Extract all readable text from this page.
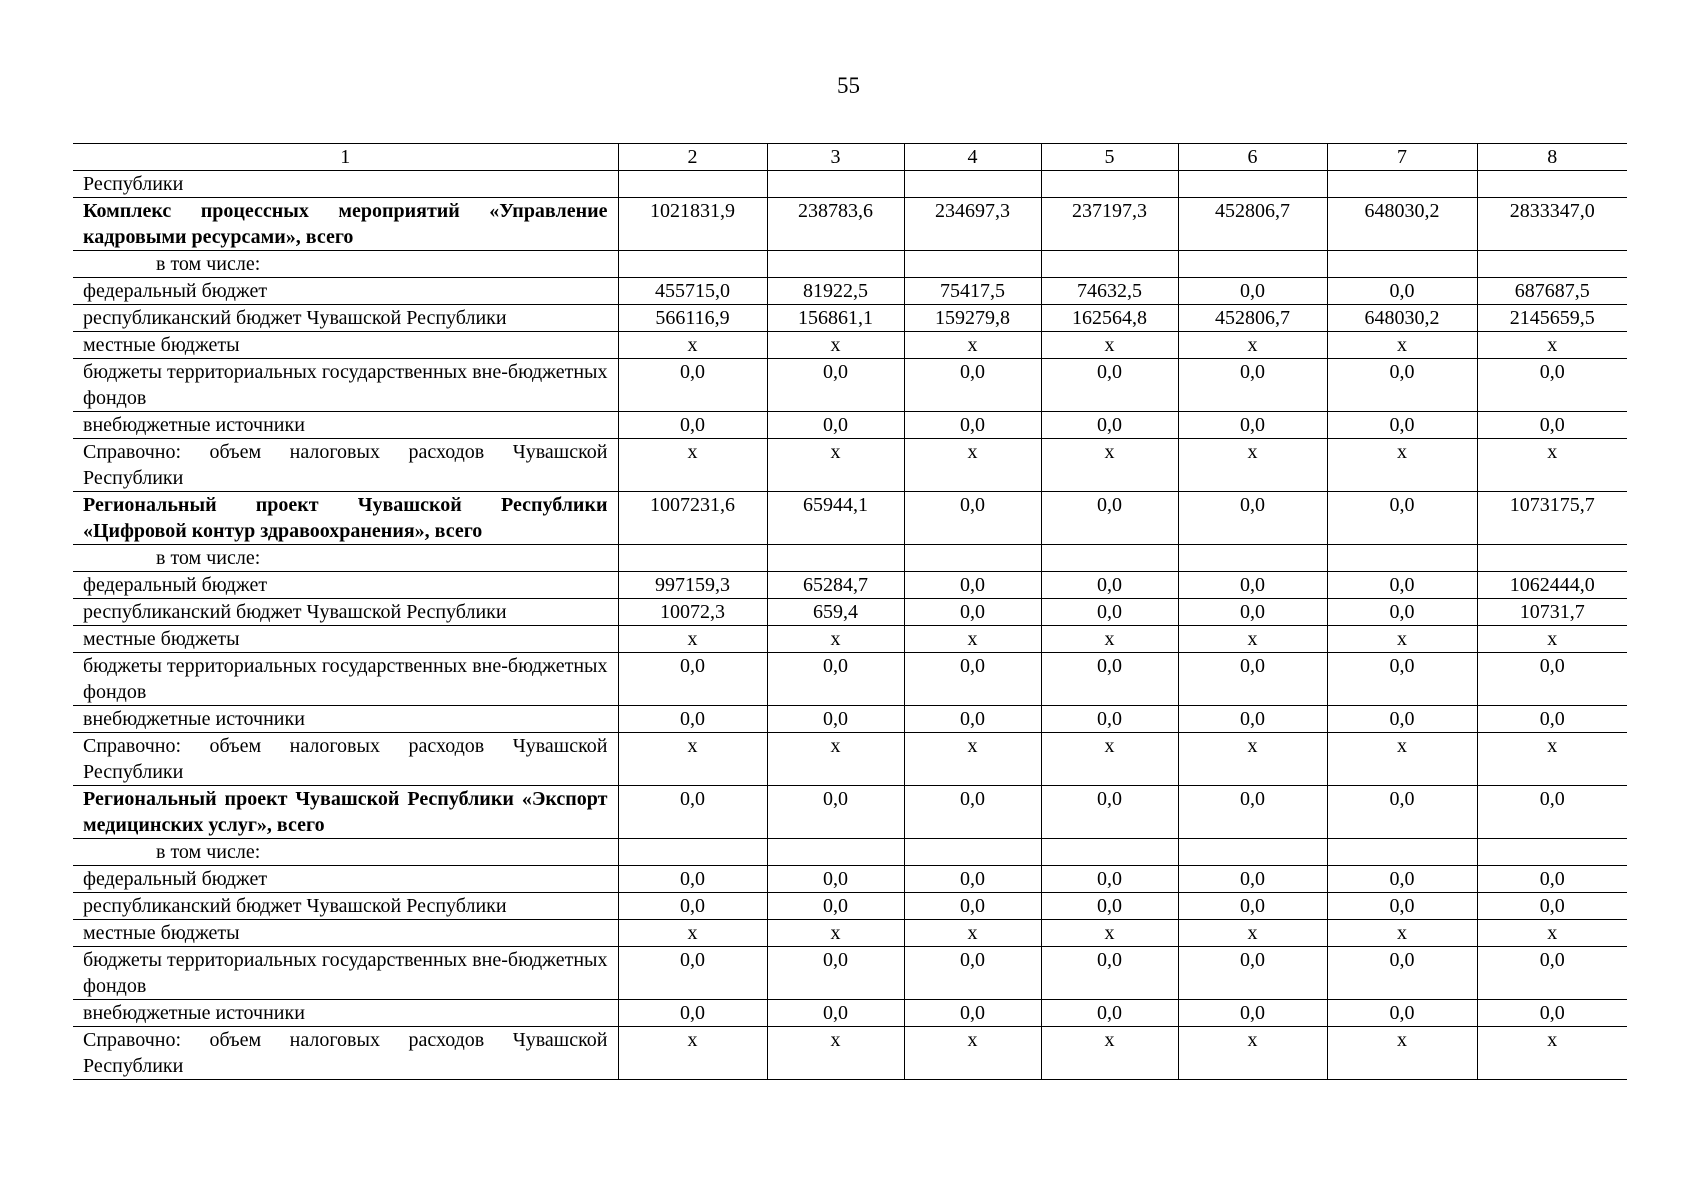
55
1	2	3	4	5	6	7	8
Республики							
Комплекс процессных мероприятий «Управление кадровыми ресурсами», всего	1021831,9	238783,6	234697,3	237197,3	452806,7	648030,2	2833347,0
в том числе:							
федеральный бюджет	455715,0	81922,5	75417,5	74632,5	0,0	0,0	687687,5
республиканский бюджет Чувашской Республики	566116,9	156861,1	159279,8	162564,8	452806,7	648030,2	2145659,5
местные бюджеты	x	x	x	x	x	x	x
бюджеты территориальных государственных вне-бюджетных фондов	0,0	0,0	0,0	0,0	0,0	0,0	0,0
внебюджетные источники	0,0	0,0	0,0	0,0	0,0	0,0	0,0
Справочно: объем налоговых расходов Чувашской Республики	x	x	x	x	x	x	x
Региональный проект Чувашской Республики «Цифровой контур здравоохранения», всего	1007231,6	65944,1	0,0	0,0	0,0	0,0	1073175,7
в том числе:							
федеральный бюджет	997159,3	65284,7	0,0	0,0	0,0	0,0	1062444,0
республиканский бюджет Чувашской Республики	10072,3	659,4	0,0	0,0	0,0	0,0	10731,7
местные бюджеты	x	x	x	x	x	x	x
бюджеты территориальных государственных вне-бюджетных фондов	0,0	0,0	0,0	0,0	0,0	0,0	0,0
внебюджетные источники	0,0	0,0	0,0	0,0	0,0	0,0	0,0
Справочно: объем налоговых расходов Чувашской Республики	x	x	x	x	x	x	x
Региональный проект Чувашской Республики «Экспорт медицинских услуг», всего	0,0	0,0	0,0	0,0	0,0	0,0	0,0
в том числе:							
федеральный бюджет	0,0	0,0	0,0	0,0	0,0	0,0	0,0
республиканский бюджет Чувашской Республики	0,0	0,0	0,0	0,0	0,0	0,0	0,0
местные бюджеты	x	x	x	x	x	x	x
бюджеты территориальных государственных вне-бюджетных фондов	0,0	0,0	0,0	0,0	0,0	0,0	0,0
внебюджетные источники	0,0	0,0	0,0	0,0	0,0	0,0	0,0
Справочно: объем налоговых расходов Чувашской Республики	x	x	x	x	x	x	x
